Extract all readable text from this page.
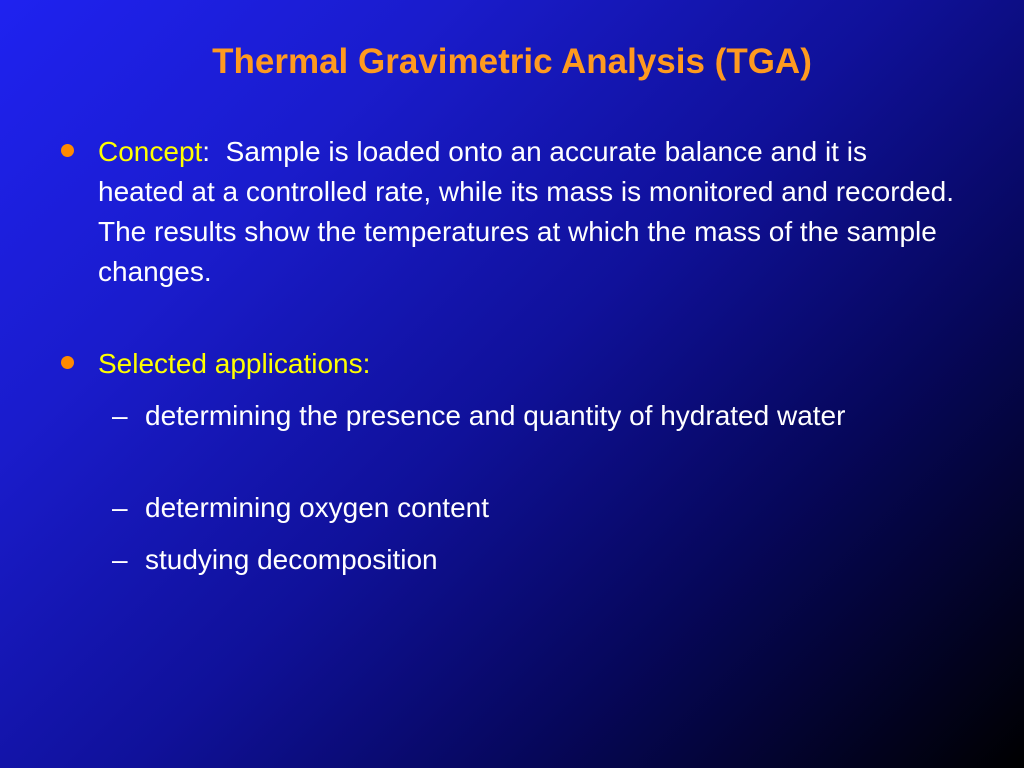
Thermal Gravimetric Analysis (TGA)
Concept:  Sample is loaded onto an accurate balance and it is heated at a controlled rate, while its mass is monitored and recorded.  The results show the temperatures at which the mass of the sample changes.
Selected applications:
– determining the presence and quantity of hydrated water
– determining oxygen content
– studying decomposition
